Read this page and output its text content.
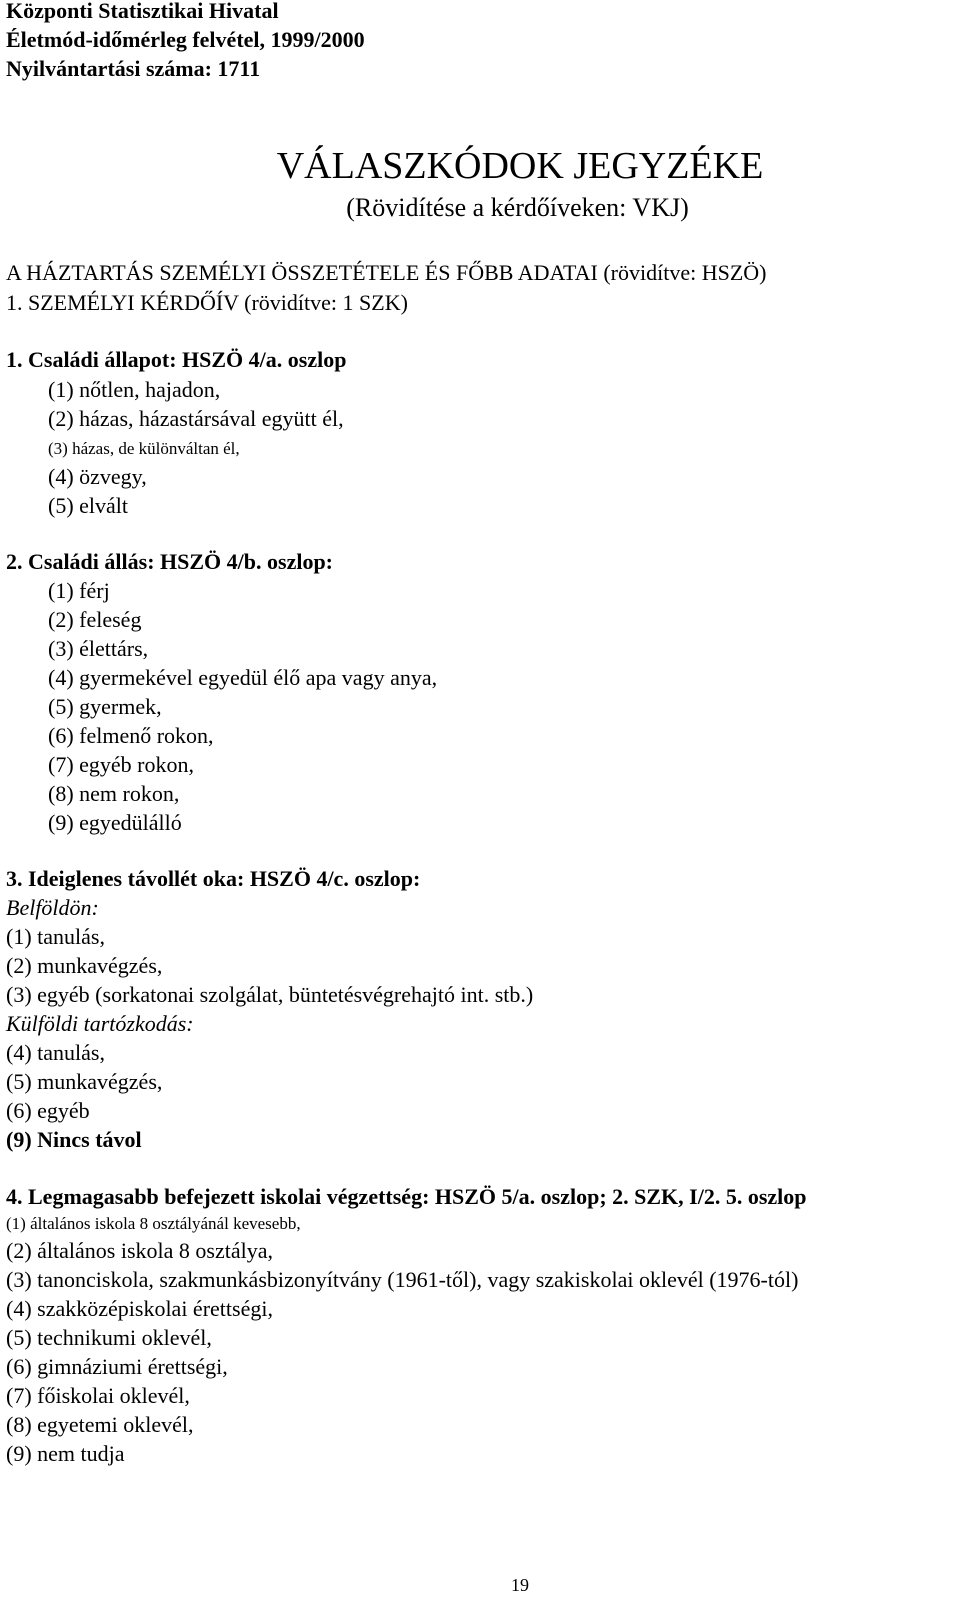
Központi Statisztikai Hivatal
Életmód-időmérleg felvétel, 1999/2000
Nyilvántartási száma: 1711
VÁLASZKÓDOK JEGYZÉKE
(Rövidítése a kérdőíveken: VKJ)
A HÁZTARTÁS SZEMÉLYI ÖSSZETÉTELE ÉS FŐBB ADATAI (rövidítve: HSZÖ)
1. SZEMÉLYI KÉRDŐÍV (rövidítve: 1 SZK)
1. Családi állapot: HSZÖ 4/a. oszlop
(1) nőtlen, hajadon,
(2) házas, házastársával együtt él,
(3) házas, de különváltan él,
(4) özvegy,
(5) elvált
2. Családi állás: HSZÖ 4/b. oszlop:
(1) férj
(2) feleség
(3) élettárs,
(4) gyermekével egyedül élő apa vagy anya,
(5) gyermek,
(6) felmenő rokon,
(7) egyéb rokon,
(8) nem rokon,
(9) egyedülálló
3. Ideiglenes távollét oka: HSZÖ 4/c. oszlop:
Belföldön:
(1) tanulás,
(2) munkavégzés,
(3) egyéb (sorkatonai szolgálat, büntetésvégrehajtó int. stb.)
Külföldi tartózkodás:
(4) tanulás,
(5) munkavégzés,
(6) egyéb
(9) Nincs távol
4. Legmagasabb befejezett iskolai végzettség: HSZÖ 5/a. oszlop; 2. SZK, I/2. 5. oszlop
(1) általános iskola 8 osztályánál kevesebb,
(2) általános iskola 8 osztálya,
(3) tanonciskola, szakmunkásbizonyítvány (1961-től), vagy szakiskolai oklevél (1976-tól)
(4) szakközépiskolai érettségi,
(5) technikumi oklevél,
(6) gimnáziumi érettségi,
(7) főiskolai oklevél,
(8) egyetemi oklevél,
(9) nem tudja
19
